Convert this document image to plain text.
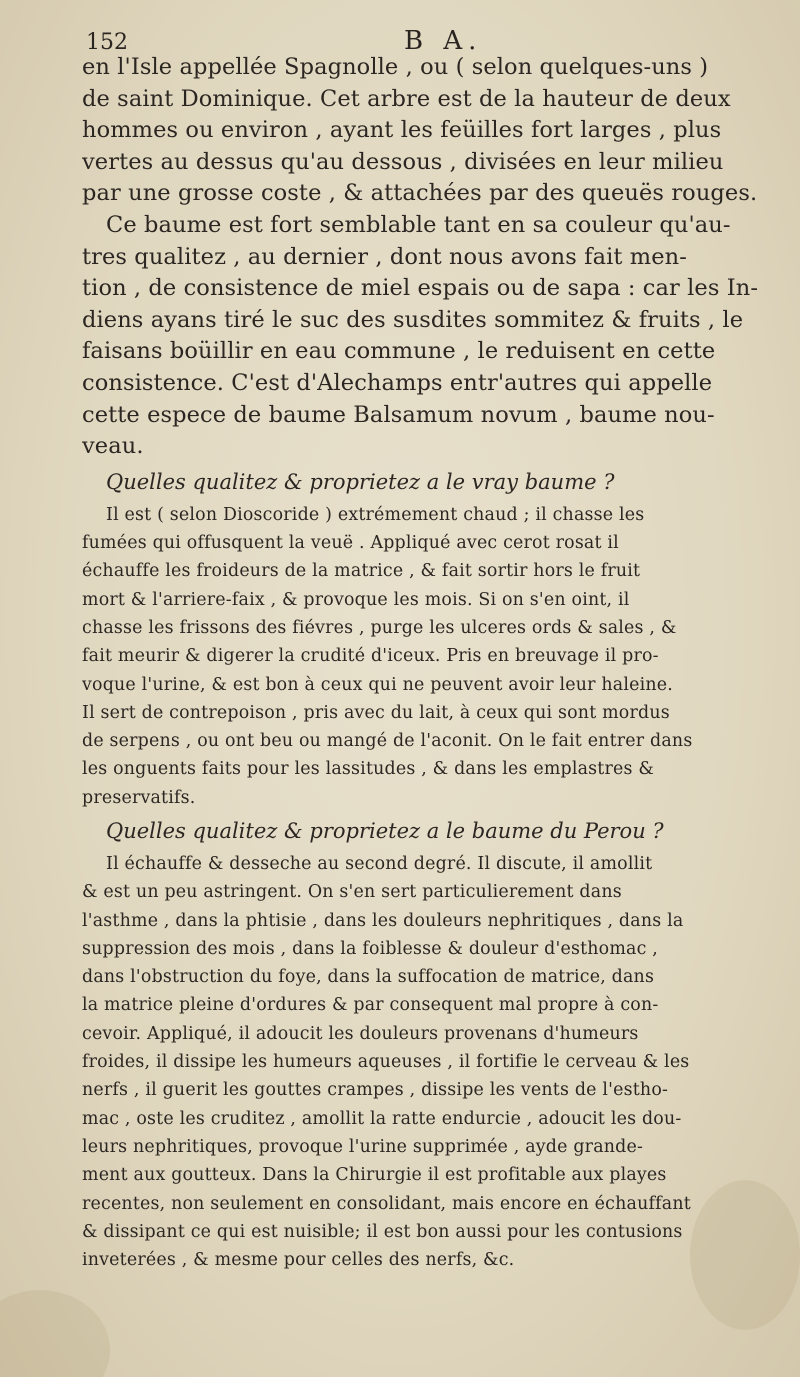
152	B A.
en l'Isle appellée Spagnolle , ou ( selon quelques-uns )
de saint Dominique. Cet arbre est de la hauteur de deux
hommes ou environ , ayant les feüilles fort larges , plus
vertes au dessus qu'au dessous , divisées en leur milieu
par une grosse coste , & attachées par des queuës rouges.
Ce baume est fort semblable tant en sa couleur qu'au-
tres qualitez , au dernier , dont nous avons fait men-
tion , de consistence de miel espais ou de sapa : car les In-
diens ayans tiré le suc des susdites sommitez & fruits , le
faisans boüillir en eau commune , le reduisent en cette
consistence. C'est d'Alechamps entr'autres qui appelle
cette espece de baume Balsamum novum , baume nou-
veau.
Quelles qualitez & proprietez a le vray baume ?
Il est ( selon Dioscoride ) extrémement chaud ; il chasse les
fumées qui offusquent la veuë . Appliqué avec cerot rosat il
échauffe les froideurs de la matrice , & fait sortir hors le fruit
mort & l'arriere-faix , & provoque les mois. Si on s'en oint, il
chasse les frissons des fiévres , purge les ulceres ords & sales , &
fait meurir & digerer la crudité d'iceux. Pris en breuvage il pro-
voque l'urine, & est bon à ceux qui ne peuvent avoir leur haleine.
Il sert de contrepoison , pris avec du lait, à ceux qui sont mordus
de serpens , ou ont beu ou mangé de l'aconit. On le fait entrer dans
les onguents faits pour les lassitudes , & dans les emplastres &
preservatifs.
Quelles qualitez & proprietez a le baume du Perou ?
Il échauffe & desseche au second degré. Il discute, il amollit
& est un peu astringent. On s'en sert particulierement dans
l'asthme , dans la phtisie , dans les douleurs nephritiques , dans la
suppression des mois , dans la foiblesse & douleur d'esthomac ,
dans l'obstruction du foye, dans la suffocation de matrice, dans
la matrice pleine d'ordures & par consequent mal propre à con-
cevoir. Appliqué, il adoucit les douleurs provenans d'humeurs
froides, il dissipe les humeurs aqueuses , il fortifie le cerveau & les
nerfs , il guerit les gouttes crampes , dissipe les vents de l'estho-
mac , oste les cruditez , amollit la ratte endurcie , adoucit les dou-
leurs nephritiques, provoque l'urine supprimée , ayde grande-
ment aux goutteux. Dans la Chirurgie il est profitable aux playes
recentes, non seulement en consolidant, mais encore en échauffant
& dissipant ce qui est nuisible; il est bon aussi pour les contusions
inveterées , & mesme pour celles des nerfs, &c.
